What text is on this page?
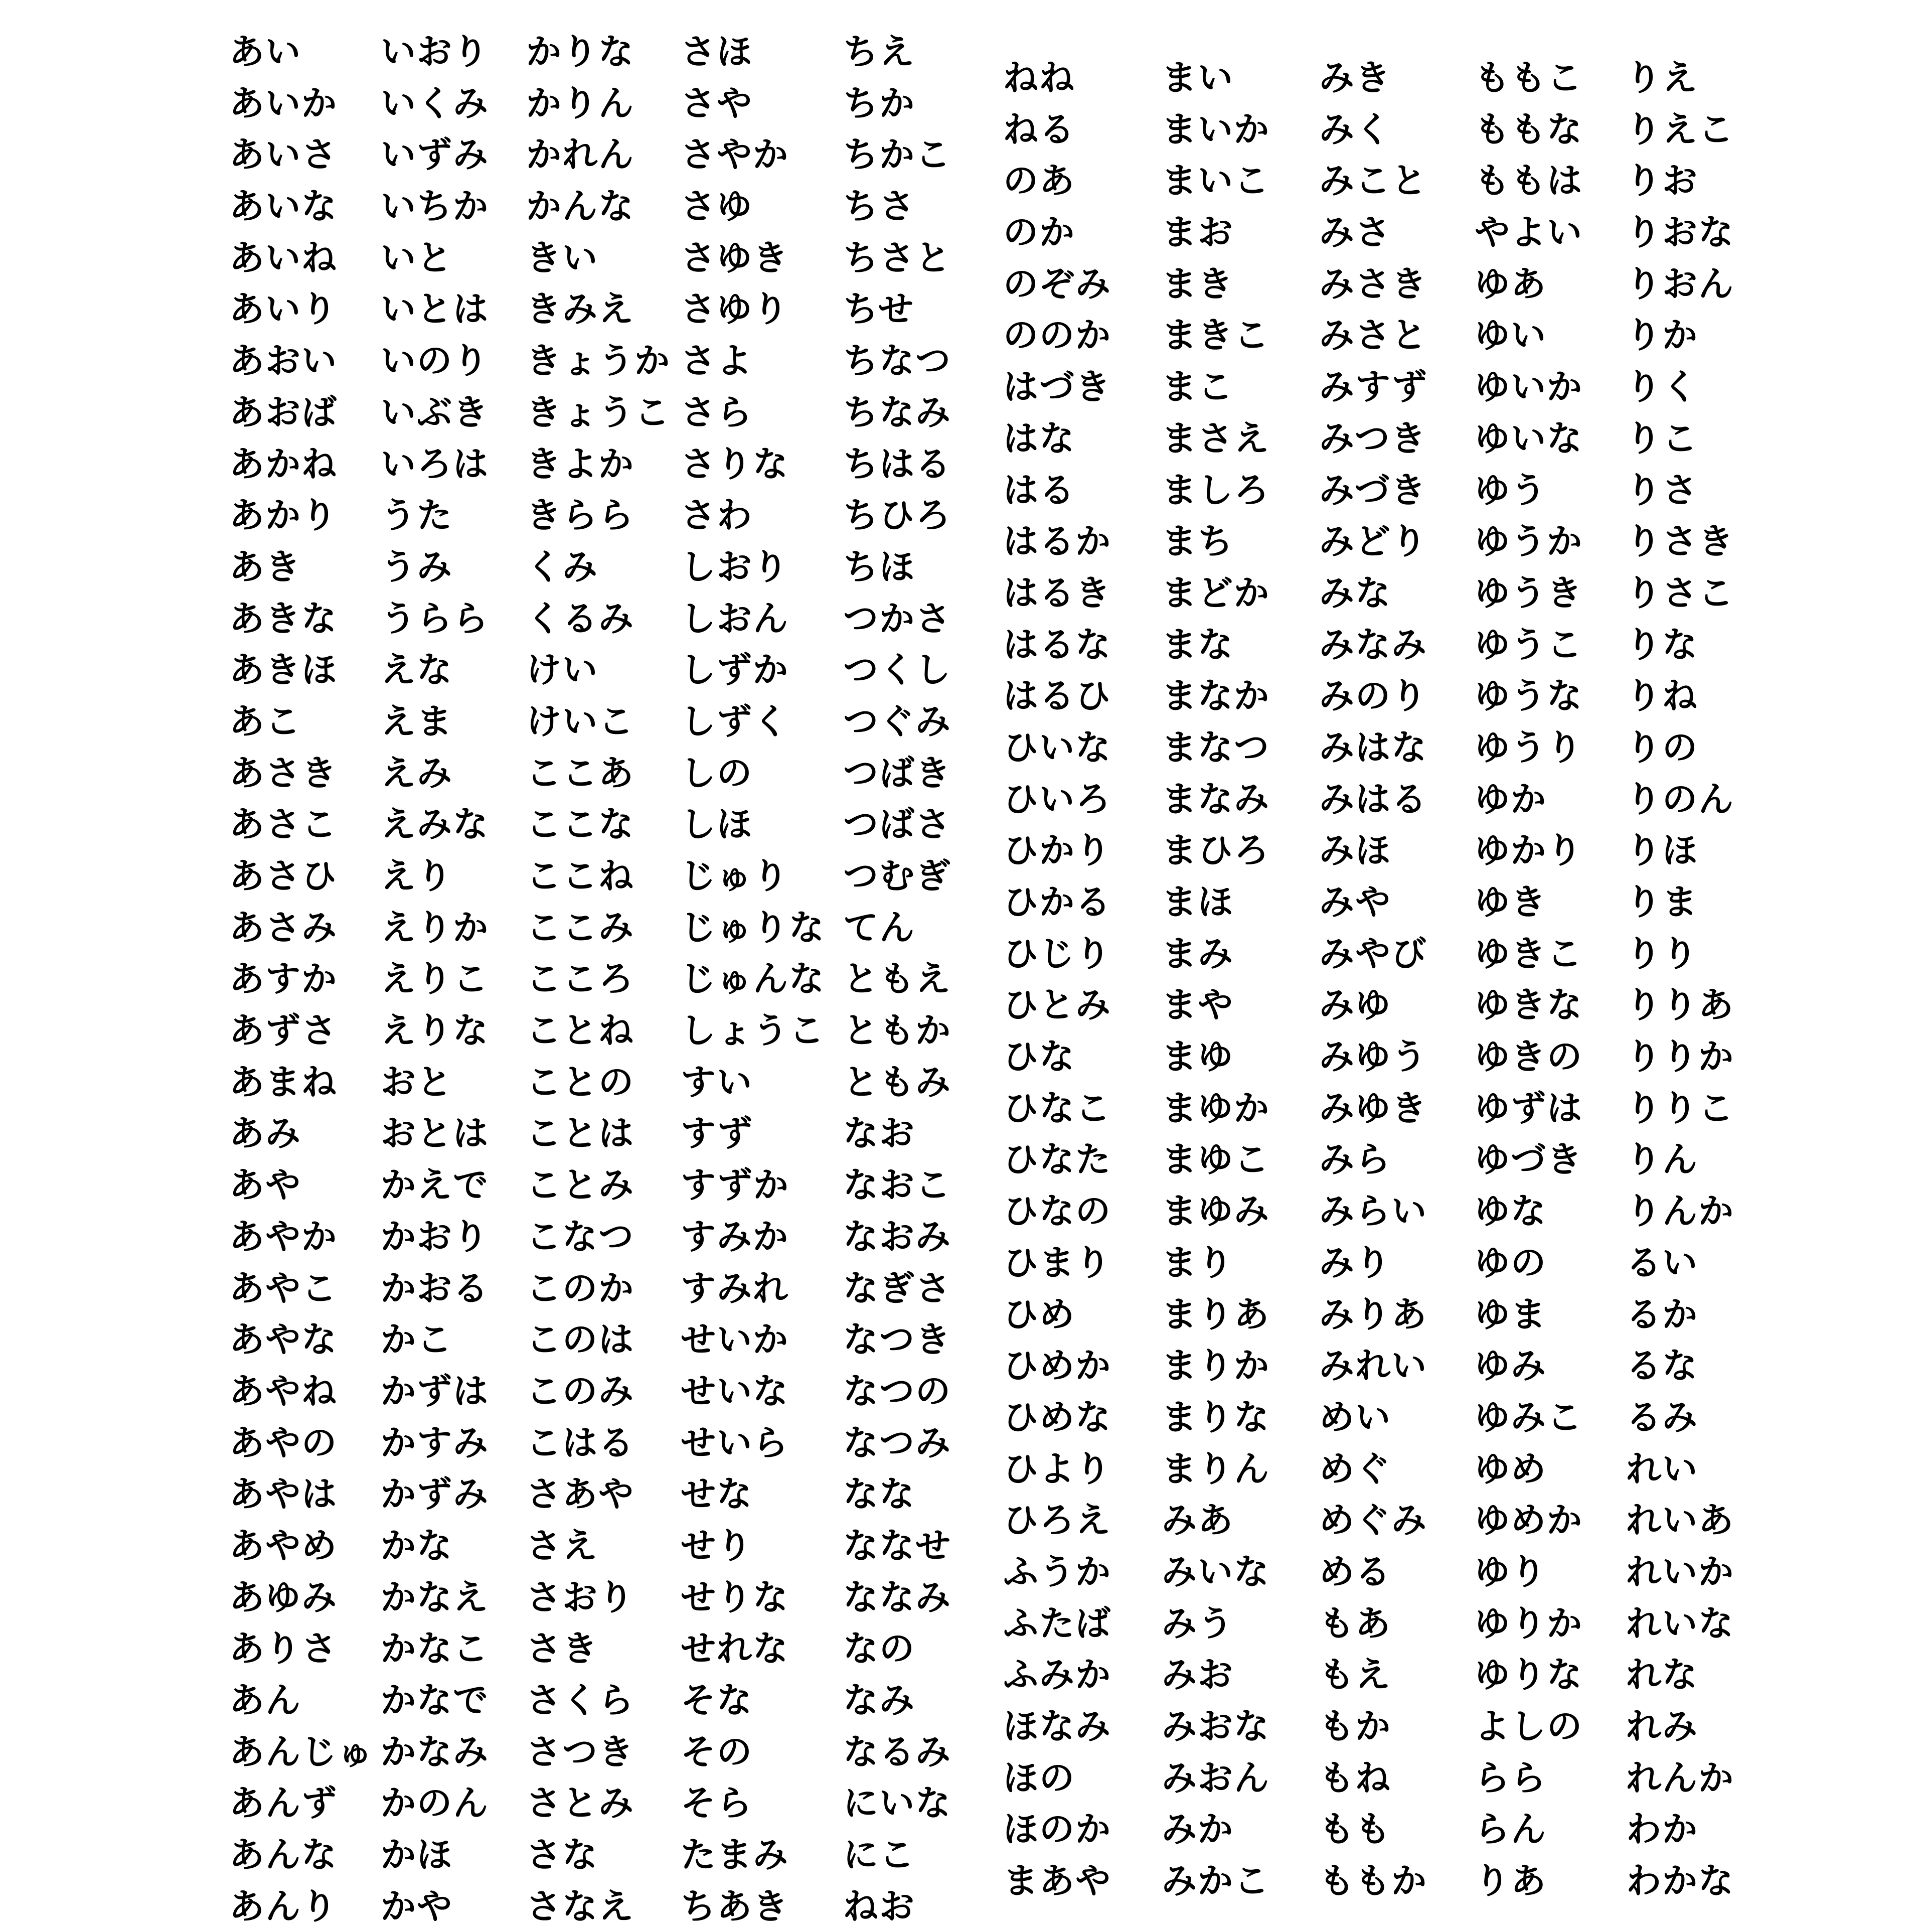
あい
あいか
あいさ
あいな
あいね
あいり
あおい
あおば
あかね
あかり
あき
あきな
あきほ
あこ
あさき
あさこ
あさひ
あさみ
あすか
あずさ
あまね
あみ
あや
あやか
あやこ
あやな
あやね
あやの
あやは
あやめ
あゆみ
ありさ
あん
あんじゅ
あんず
あんな
あんり
いおり
いくみ
いずみ
いちか
いと
いとは
いのり
いぶき
いろは
うた
うみ
うらら
えな
えま
えみ
えみな
えり
えりか
えりこ
えりな
おと
おとは
かえで
かおり
かおる
かこ
かずは
かすみ
かずみ
かな
かなえ
かなこ
かなで
かなみ
かのん
かほ
かや
かりな
かりん
かれん
かんな
きい
きみえ
きょうか
きょうこ
きよか
きらら
くみ
くるみ
けい
けいこ
ここあ
ここな
ここね
ここみ
こころ
ことね
ことの
ことは
ことみ
こなつ
このか
このは
このみ
こはる
さあや
さえ
さおり
さき
さくら
さつき
さとみ
さな
さなえ
さほ
さや
さやか
さゆ
さゆき
さゆり
さよ
さら
さりな
さわ
しおり
しおん
しずか
しずく
しの
しほ
じゅり
じゅりな
じゅんな
しょうこ
すい
すず
すずか
すみか
すみれ
せいか
せいな
せいら
せな
せり
せりな
せれな
そな
その
そら
たまみ
ちあき
ちえ
ちか
ちかこ
ちさ
ちさと
ちせ
ちなつ
ちなみ
ちはる
ちひろ
ちほ
つかさ
つくし
つぐみ
つばき
つばさ
つむぎ
てん
ともえ
ともか
ともみ
なお
なおこ
なおみ
なぎさ
なつき
なつの
なつみ
なな
ななせ
ななみ
なの
なみ
なるみ
にいな
にこ
ねお
ねね
ねる
のあ
のか
のぞみ
ののか
はづき
はな
はる
はるか
はるき
はるな
はるひ
ひいな
ひいろ
ひかり
ひかる
ひじり
ひとみ
ひな
ひなこ
ひなた
ひなの
ひまり
ひめ
ひめか
ひめな
ひより
ひろえ
ふうか
ふたば
ふみか
ほなみ
ほの
ほのか
まあや
まい
まいか
まいこ
まお
まき
まきこ
まこ
まさえ
ましろ
まち
まどか
まな
まなか
まなつ
まなみ
まひろ
まほ
まみ
まや
まゆ
まゆか
まゆこ
まゆみ
まり
まりあ
まりか
まりな
まりん
みあ
みいな
みう
みお
みおな
みおん
みか
みかこ
みき
みく
みこと
みさ
みさき
みさと
みすず
みつき
みづき
みどり
みな
みなみ
みのり
みはな
みはる
みほ
みや
みやび
みゆ
みゆう
みゆき
みら
みらい
みり
みりあ
みれい
めい
めぐ
めぐみ
める
もあ
もえ
もか
もね
もも
ももか
ももこ
ももな
ももは
やよい
ゆあ
ゆい
ゆいか
ゆいな
ゆう
ゆうか
ゆうき
ゆうこ
ゆうな
ゆうり
ゆか
ゆかり
ゆき
ゆきこ
ゆきな
ゆきの
ゆずは
ゆづき
ゆな
ゆの
ゆま
ゆみ
ゆみこ
ゆめ
ゆめか
ゆり
ゆりか
ゆりな
よしの
らら
らん
りあ
りえ
りえこ
りお
りおな
りおん
りか
りく
りこ
りさ
りさき
りさこ
りな
りね
りの
りのん
りほ
りま
りり
りりあ
りりか
りりこ
りん
りんか
るい
るか
るな
るみ
れい
れいあ
れいか
れいな
れな
れみ
れんか
わか
わかな
